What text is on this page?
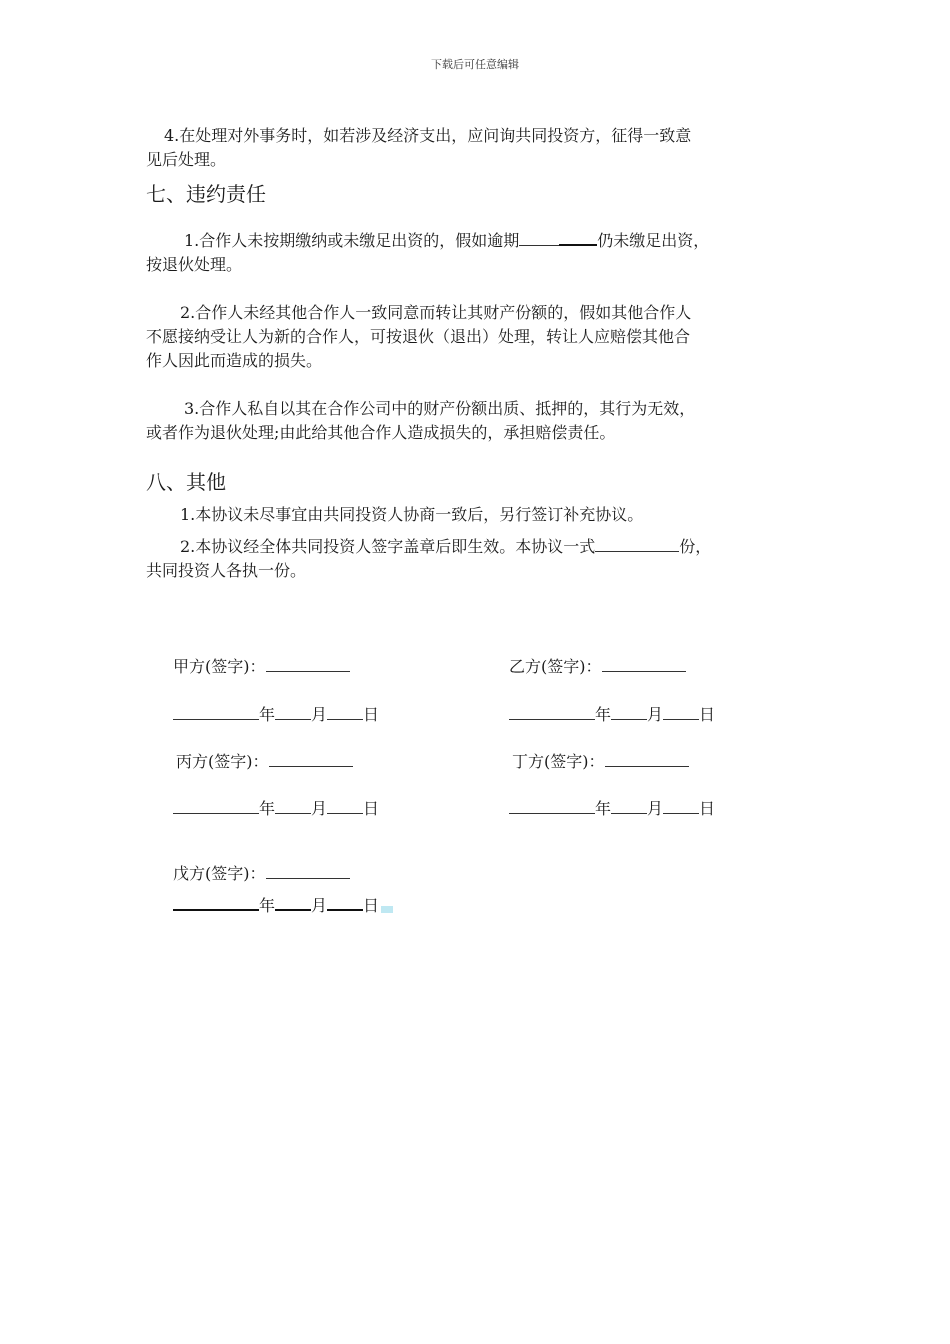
下载后可任意编辑
4.在处理对外事务时，如若涉及经济支出，应问询共同投资方，征得一致意
见后处理。
七、违约责任
1.合作人未按期缴纳或未缴足出资的，假如逾期	仍未缴足出资，
按退伙处理。
2.合作人未经其他合作人一致同意而转让其财产份额的，假如其他合作人
不愿接纳受让人为新的合作人，可按退伙（退出）处理，转让人应赔偿其他合
作人因此而造成的损失。
3.合作人私自以其在合作公司中的财产份额出质、抵押的，其行为无效，
或者作为退伙处理;由此给其他合作人造成损失的，承担赔偿责任。
八、其他
1.本协议未尽事宜由共同投资人协商一致后，另行签订补充协议。
2.本协议经全体共同投资人签字盖章后即生效。本协议一式	份，
共同投资人各执一份。
甲方(签字)：
年 月 日
乙方(签字)：
年 月 日
丙方(签字)：
年 月 日
丁方(签字)：
年 月 日
戊方(签字)：
年 月 日
